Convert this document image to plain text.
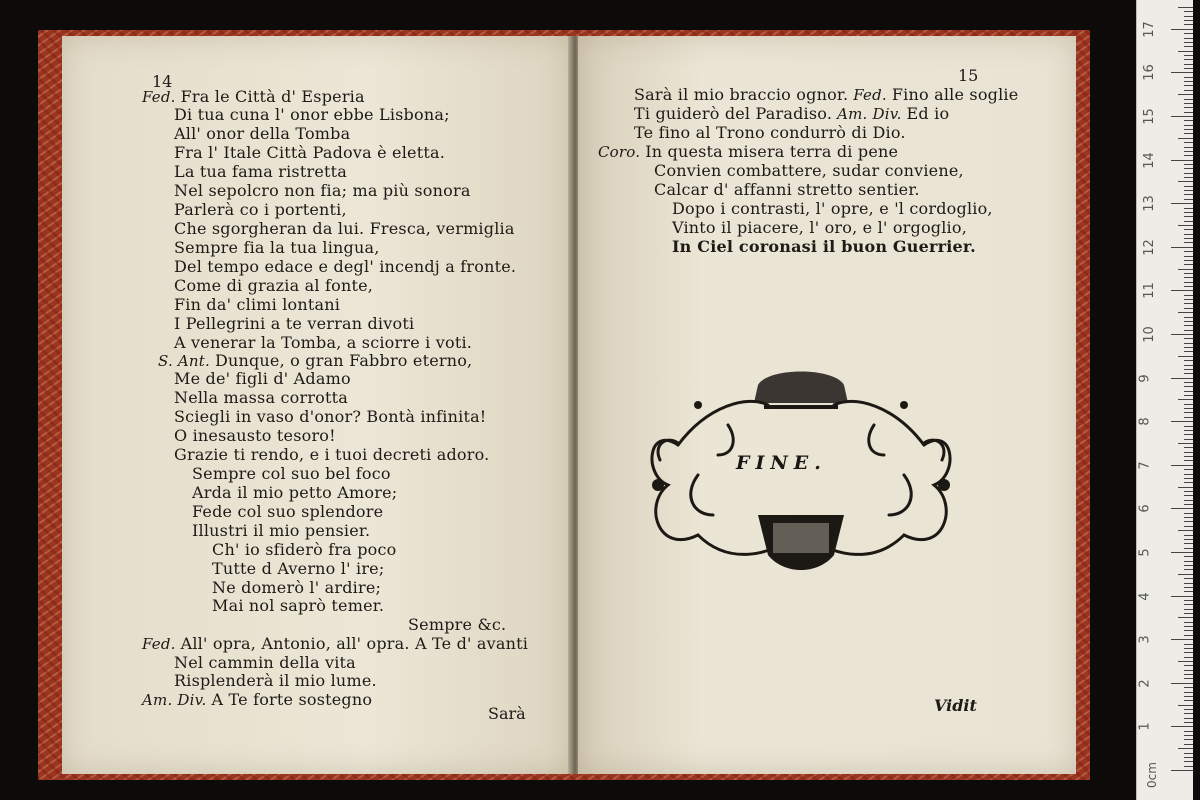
14
Fed. Fra le Città d' Esperia
Di tua cuna l' onor ebbe Lisbona;
All' onor della Tomba
Fra l' Itale Città Padova è eletta.
La tua fama ristretta
Nel sepolcro non fia; ma più sonora
Parlerà co i portenti,
Che sgorgheran da lui. Fresca, vermiglia
Sempre fia la tua lingua,
Del tempo edace e degl' incendj a fronte.
Come di grazia al fonte,
Fin da' climi lontani
I Pellegrini a te verran divoti
A venerar la Tomba, a sciorre i voti.
S. Ant. Dunque, o gran Fabbro eterno,
Me de' figli d' Adamo
Nella massa corrotta
Sciegli in vaso d'onor? Bontà infinita!
O inesausto tesoro!
Grazie ti rendo, e i tuoi decreti adoro.
Sempre col suo bel foco
Arda il mio petto Amore;
Fede col suo splendore
Illustri il mio pensier.
Ch' io sfiderò fra poco
Tutte d Averno l' ire;
Ne domerò l' ardire;
Mai nol saprò temer.
Sempre &c.
Fed. All' opra, Antonio, all' opra. A Te d' avanti
Nel cammin della vita
Risplenderà il mio lume.
Am. Div. A Te forte sostegno
Sarà
15
Sarà il mio braccio ognor. Fed. Fino alle soglie
Ti guiderò del Paradiso. Am. Div. Ed io
Te fino al Trono condurrò di Dio.
Coro. In questa misera terra di pene
Convien combattere, sudar conviene,
Calcar d' affanni stretto sentier.
Dopo i contrasti, l' opre, e 'l cordoglio,
Vinto il piacere, l' oro, e l' orgoglio,
In Ciel coronasi il buon Guerrier.
Vidit
FINE.
0cm
1
2
3
4
5
6
7
8
9
10
11
12
13
14
15
16
17
